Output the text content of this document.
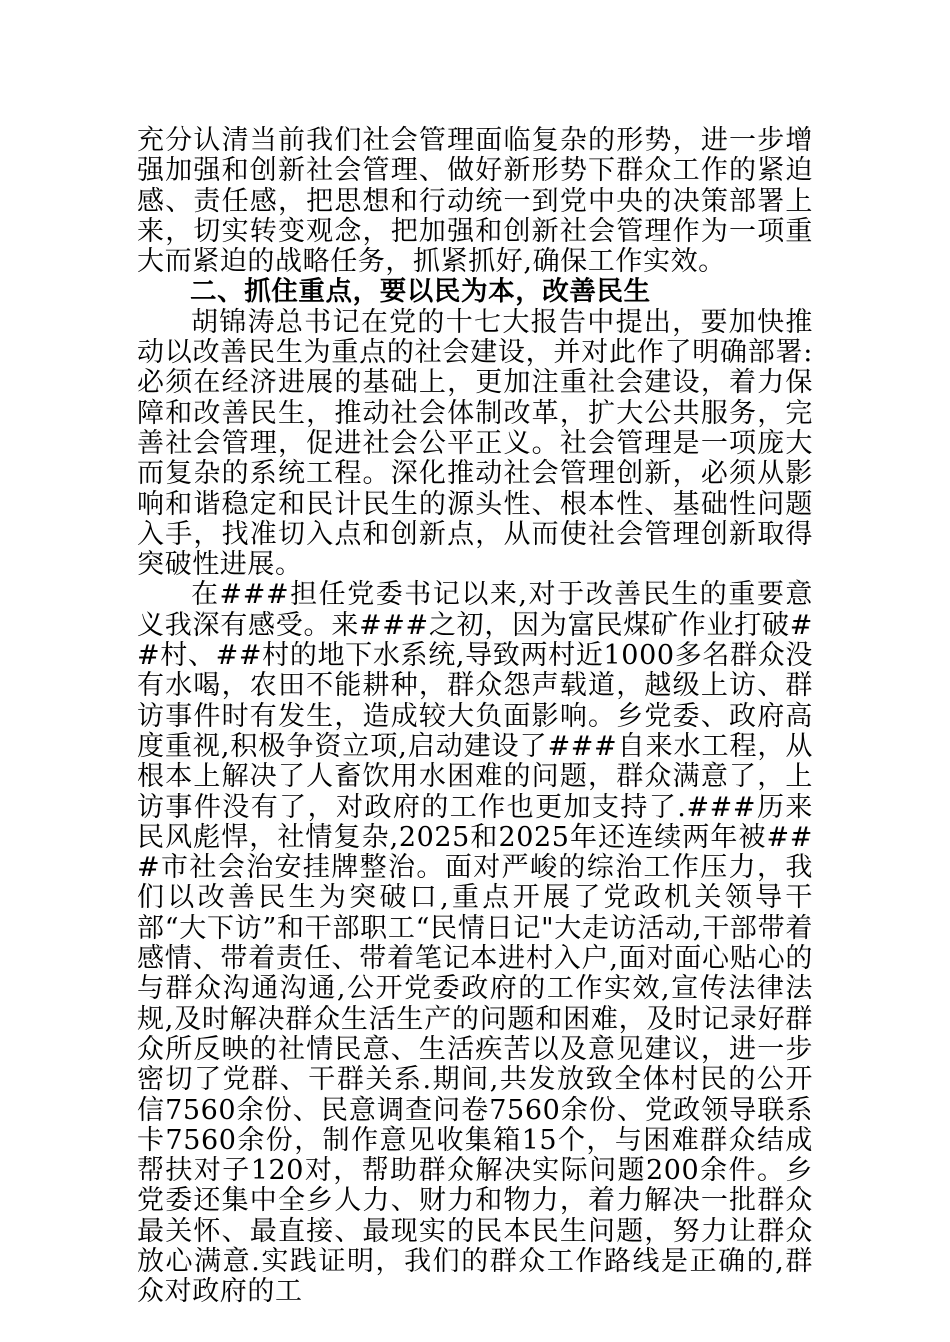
充分认清当前我们社会管理面临复杂的形势，进一步增强加强和创新社会管理、做好新形势下群众工作的紧迫感、责任感，把思想和行动统一到党中央的决策部署上来，切实转变观念，把加强和创新社会管理作为一项重大而紧迫的战略任务，抓紧抓好,确保工作实效。

二、抓住重点，要以民为本，改善民生

胡锦涛总书记在党的十七大报告中提出，要加快推动以改善民生为重点的社会建设，并对此作了明确部署:必须在经济进展的基础上，更加注重社会建设，着力保障和改善民生，推动社会体制改革，扩大公共服务，完善社会管理，促进社会公平正义。社会管理是一项庞大而复杂的系统工程。深化推动社会管理创新，必须从影响和谐稳定和民计民生的源头性、根本性、基础性问题入手，找准切入点和创新点，从而使社会管理创新取得突破性进展。

在###担任党委书记以来,对于改善民生的重要意义我深有感受。来###之初，因为富民煤矿作业打破##村、##村的地下水系统,导致两村近1000多名群众没有水喝，农田不能耕种，群众怨声载道，越级上访、群访事件时有发生，造成较大负面影响。乡党委、政府高度重视,积极争资立项,启动建设了###自来水工程，从根本上解决了人畜饮用水困难的问题，群众满意了，上访事件没有了，对政府的工作也更加支持了.###历来民风彪悍，社情复杂,2025和2025年还连续两年被###市社会治安挂牌整治。面对严峻的综治工作压力，我们以改善民生为突破口,重点开展了党政机关领导干部“大下访”和干部职工“民情日记"大走访活动,干部带着感情、带着责任、带着笔记本进村入户,面对面心贴心的与群众沟通沟通,公开党委政府的工作实效,宣传法律法规,及时解决群众生活生产的问题和困难，及时记录好群众所反映的社情民意、生活疾苦以及意见建议，进一步密切了党群、干群关系.期间,共发放致全体村民的公开信7560余份、民意调查问卷7560余份、党政领导联系卡7560余份，制作意见收集箱15个，与困难群众结成帮扶对子120对，帮助群众解决实际问题200余件。乡党委还集中全乡人力、财力和物力，着力解决一批群众最关怀、最直接、最现实的民本民生问题，努力让群众放心满意.实践证明，我们的群众工作路线是正确的,群众对政府的工
